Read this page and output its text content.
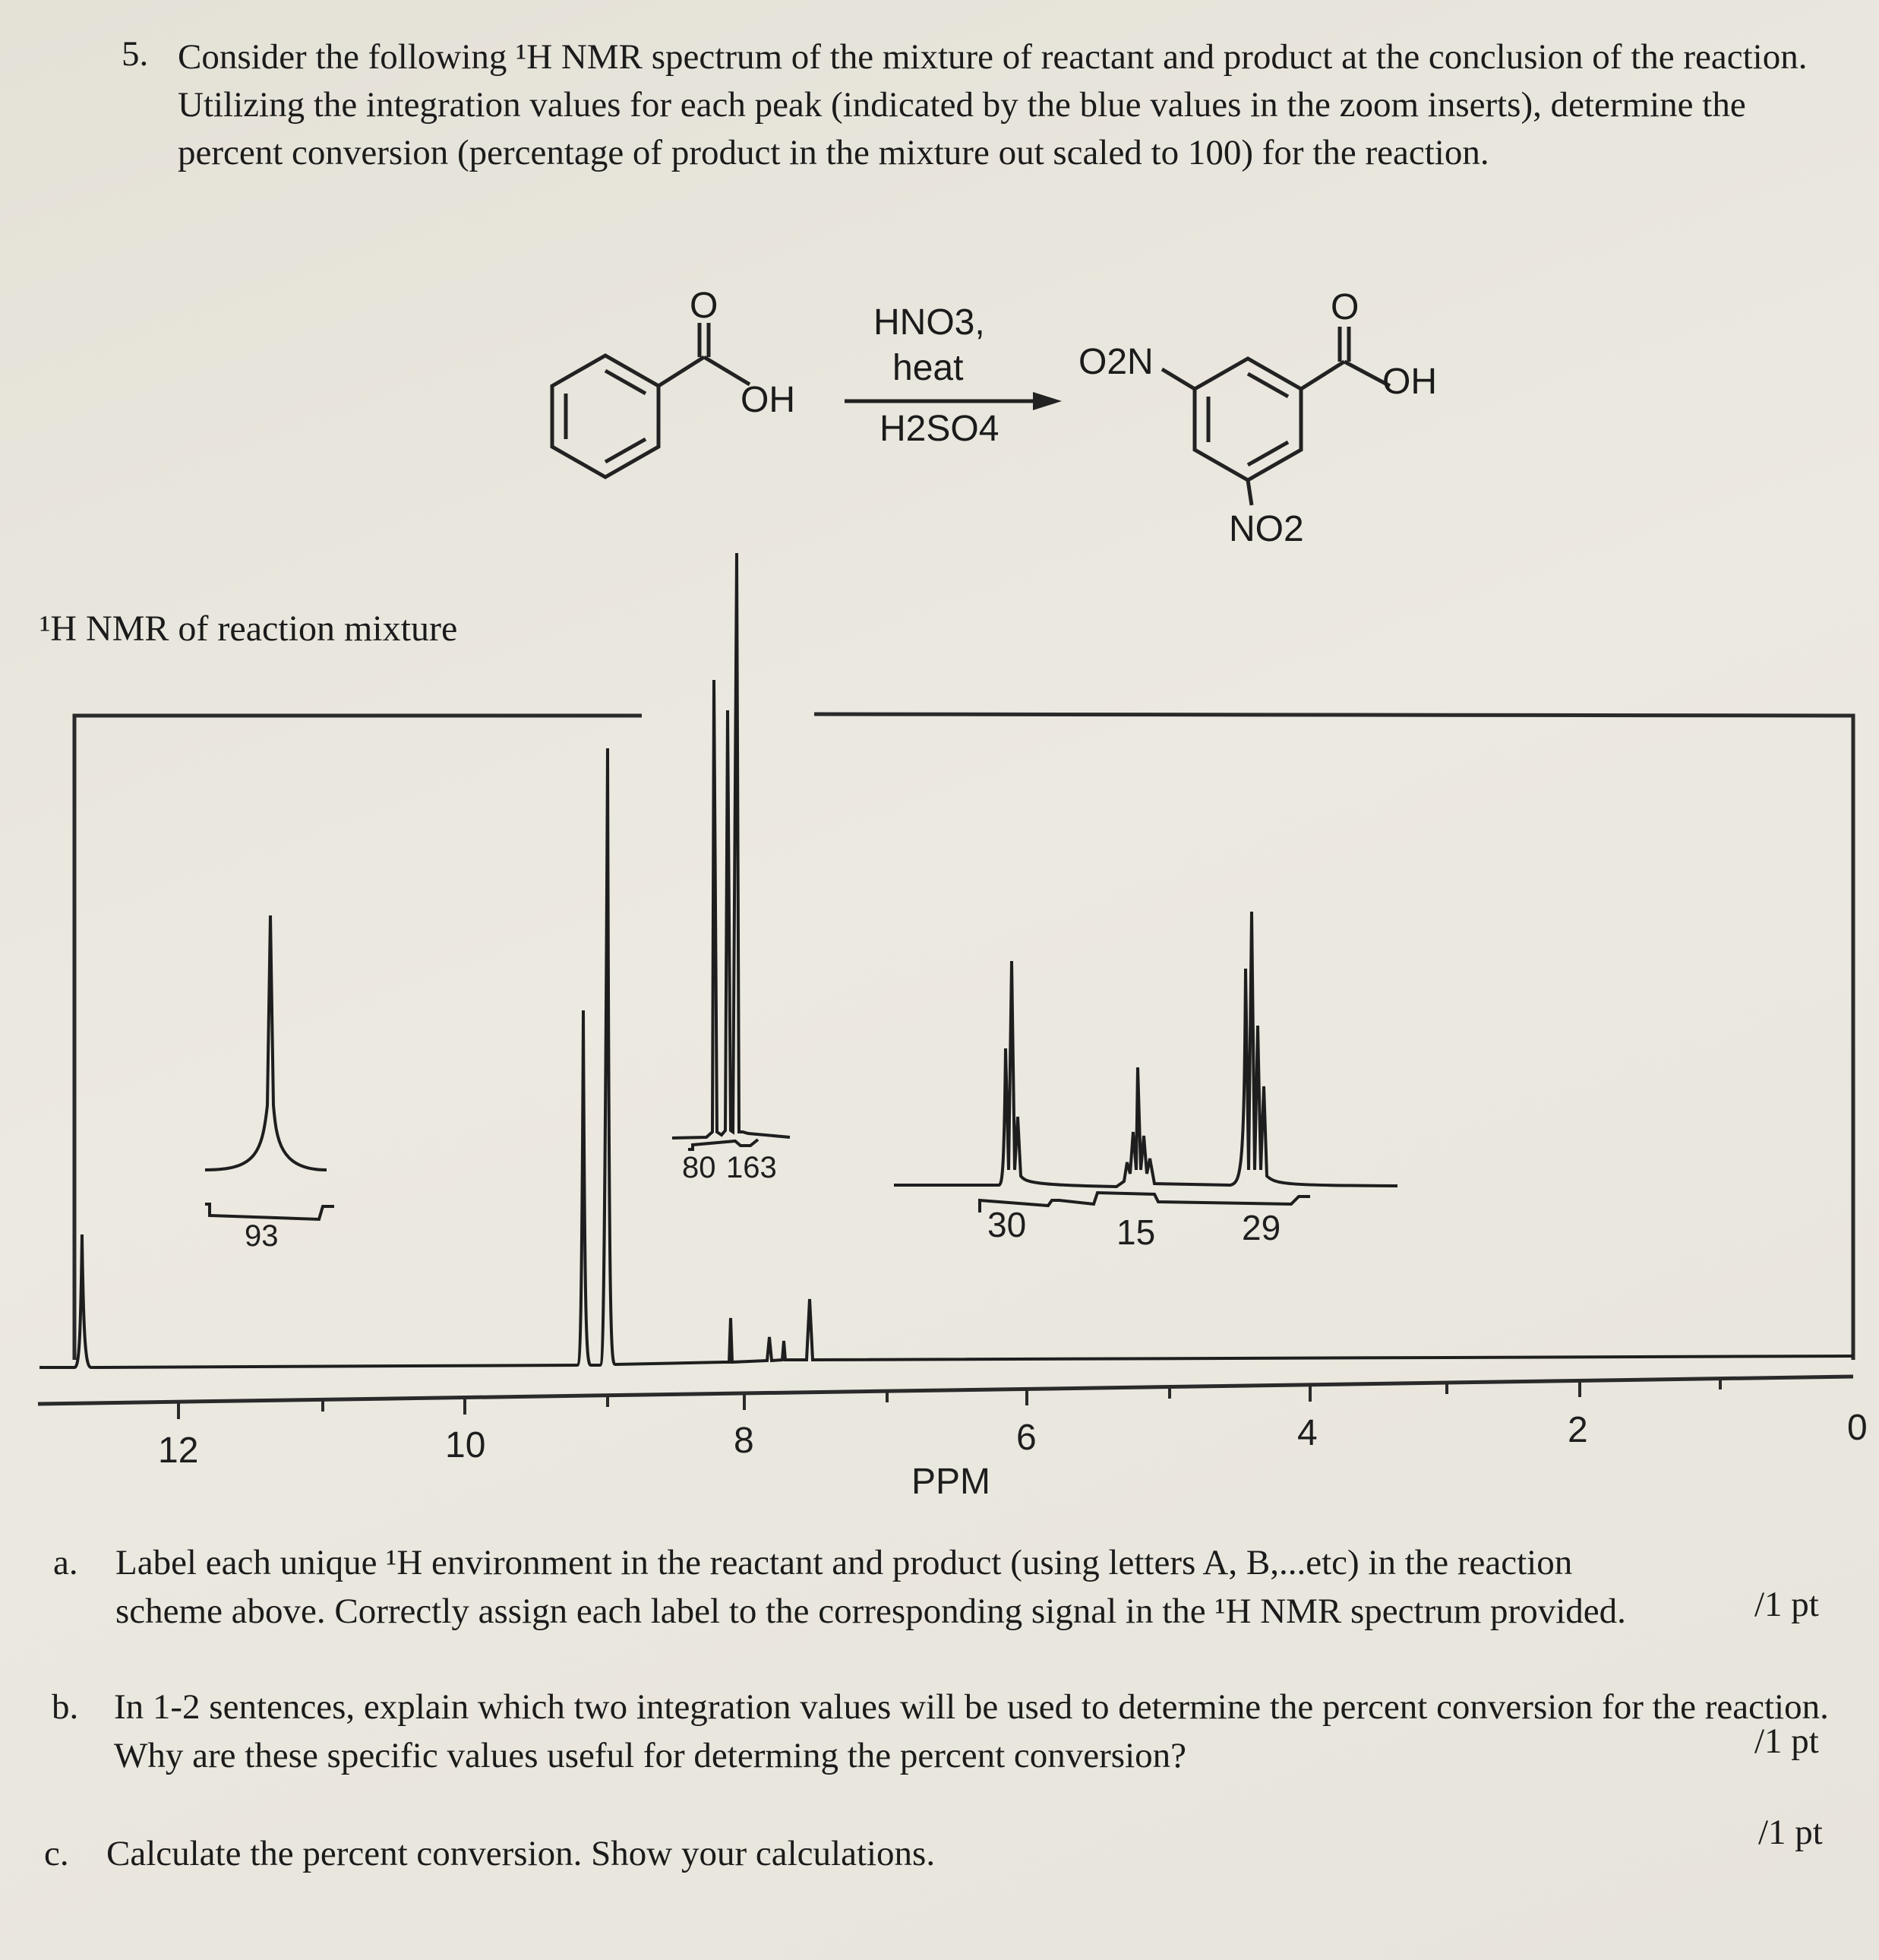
5. Consider the following ¹H NMR spectrum of the mixture of reactant and product at the conclusion of the reaction. Utilizing the integration values for each peak (indicated by the blue values in the zoom inserts), determine the percent conversion (percentage of product in the mixture out scaled to 100) for the reaction.
O
OH
HNO3,
heat
H2SO4
O2N
O
OH
NO2
¹H NMR of reaction mixture
12	10	8	6	4	2	0
PPM
93
80 163
30	15 29
a. Label each unique ¹H environment in the reactant and product (using letters A, B,...etc) in the reaction scheme above. Correctly assign each label to the corresponding signal in the ¹H NMR spectrum provided.	/1 pt
b. In 1-2 sentences, explain which two integration values will be used to determine the percent conversion for the reaction. Why are these specific values useful for determing the percent conversion?	/1 pt
c. Calculate the percent conversion. Show your calculations.
/1 pt
